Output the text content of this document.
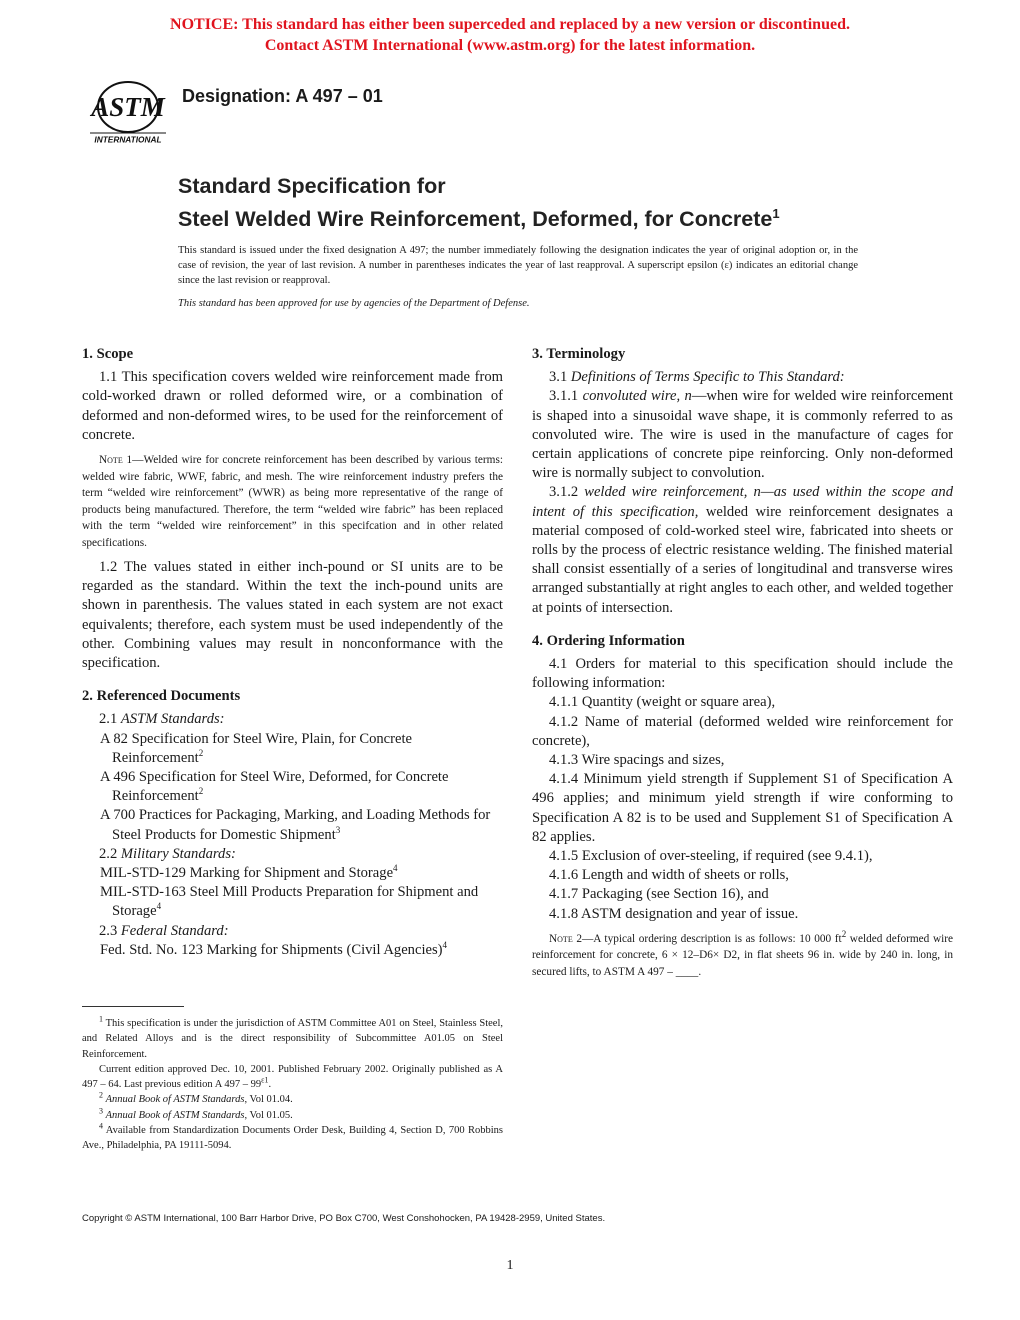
NOTICE: This standard has either been superceded and replaced by a new version or discontinued.
Contact ASTM International (www.astm.org) for the latest information.
ASTM
INTERNATIONAL
Designation: A 497 – 01
Standard Specification for
Steel Welded Wire Reinforcement, Deformed, for Concrete$^1$

This standard is issued under the fixed designation A 497; the number immediately following the designation indicates the year of original adoption or, in the case of revision, the year of last revision. A number in parentheses indicates the year of last reapproval. A superscript epsilon (ε) indicates an editorial change since the last revision or reapproval.

This standard has been approved for use by agencies of the Department of Defense.

1. Scope

1.1 This specification covers welded wire reinforcement made from cold-worked drawn or rolled deformed wire, or a combination of deformed and non-deformed wires, to be used for the reinforcement of concrete.

Note 1—Welded wire for concrete reinforcement has been described by various terms: welded wire fabric, WWF, fabric, and mesh. The wire reinforcement industry prefers the term “welded wire reinforcement” (WWR) as being more representative of the range of products being manufactured. Therefore, the term “welded wire fabric” has been replaced with the term “welded wire reinforcement” in this specifcation and in other related specifications.

1.2 The values stated in either inch-pound or SI units are to be regarded as the standard. Within the text the inch-pound units are shown in parenthesis. The values stated in each system are not exact equivalents; therefore, each system must be used independently of the other. Combining values may result in nonconformance with the specification.

2. Referenced Documents

2.1 ASTM Standards:

A 82 Specification for Steel Wire, Plain, for Concrete Reinforcement$^2$

A 496 Specification for Steel Wire, Deformed, for Concrete Reinforcement$^2$

A 700 Practices for Packaging, Marking, and Loading Methods for Steel Products for Domestic Shipment$^3$

2.2 Military Standards:

MIL-STD-129 Marking for Shipment and Storage$^4$

MIL-STD-163 Steel Mill Products Preparation for Shipment and Storage$^4$

2.3 Federal Standard:

Fed. Std. No. 123 Marking for Shipments (Civil Agencies)$^4$

3. Terminology

3.1 Definitions of Terms Specific to This Standard:

3.1.1 convoluted wire, n—when wire for welded wire reinforcement is shaped into a sinusoidal wave shape, it is commonly referred to as convoluted wire. The wire is used in the manufacture of cages for certain applications of concrete pipe reinforcing. Only non-deformed wire is normally subject to convolution.

3.1.2 welded wire reinforcement, n—as used within the scope and intent of this specification, welded wire reinforcement designates a material composed of cold-worked steel wire, fabricated into sheets or rolls by the process of electric resistance welding. The finished material shall consist essentially of a series of longitudinal and transverse wires arranged substantially at right angles to each other, and welded together at points of intersection.

4. Ordering Information

4.1 Orders for material to this specification should include the following information:

4.1.1 Quantity (weight or square area),

4.1.2 Name of material (deformed welded wire reinforcement for concrete),

4.1.3 Wire spacings and sizes,

4.1.4 Minimum yield strength if Supplement S1 of Specification A 496 applies; and minimum yield strength if wire conforming to Specification A 82 is to be used and Supplement S1 of Specification A 82 applies.

4.1.5 Exclusion of over-steeling, if required (see 9.4.1),

4.1.6 Length and width of sheets or rolls,

4.1.7 Packaging (see Section 16), and

4.1.8 ASTM designation and year of issue.

Note 2—A typical ordering description is as follows: 10 000 $ft^2$ welded deformed wire reinforcement for concrete, 6 × 12–D6× D2, in flat sheets 96 in. wide by 240 in. long, in secured lifts, to ASTM A 497 – ____.

$^1$ This specification is under the jurisdiction of ASTM Committee A01 on Steel, Stainless Steel, and Related Alloys and is the direct responsibility of Subcommittee A01.05 on Steel Reinforcement.

Current edition approved Dec. 10, 2001. Published February 2002. Originally published as A 497 – 64. Last previous edition A $497 - 99^{\varepsilon 1}$.

$^2$ Annual Book of ASTM Standards, Vol 01.04.

$^3$ Annual Book of ASTM Standards, Vol 01.05.

$^4$ Available from Standardization Documents Order Desk, Building 4, Section D, 700 Robbins Ave., Philadelphia, PA 19111-5094.

Copyright © ASTM International, 100 Barr Harbor Drive, PO Box C700, West Conshohocken, PA 19428-2959, United States.
1
